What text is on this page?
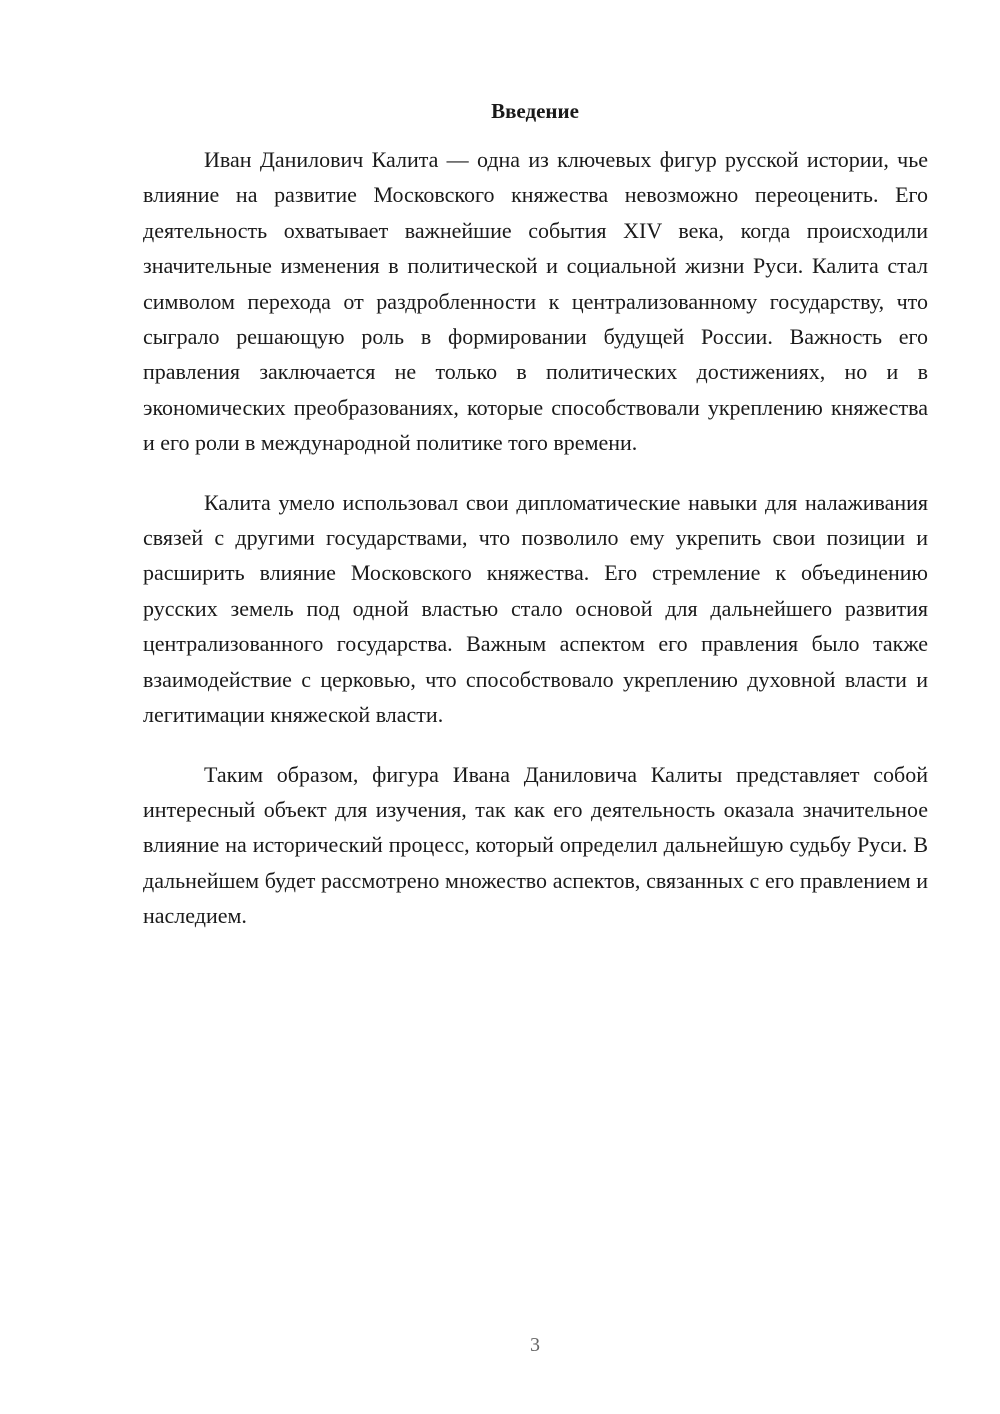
Введение

Иван Данилович Калита — одна из ключевых фигур русской истории, чье влияние на развитие Московского княжества невозможно переоценить. Его деятельность охватывает важнейшие события XIV века, когда происходили значительные изменения в политической и социальной жизни Руси. Калита стал символом перехода от раздробленности к централизованному государству, что сыграло решающую роль в формировании будущей России. Важность его правления заключается не только в политических достижениях, но и в экономических преобразованиях, которые способствовали укреплению княжества и его роли в международной политике того времени.

Калита умело использовал свои дипломатические навыки для налаживания связей с другими государствами, что позволило ему укрепить свои позиции и расширить влияние Московского княжества. Его стремление к объединению русских земель под одной властью стало основой для дальнейшего развития централизованного государства. Важным аспектом его правления было также взаимодействие с церковью, что способствовало укреплению духовной власти и легитимации княжеской власти.

Таким образом, фигура Ивана Даниловича Калиты представляет собой интересный объект для изучения, так как его деятельность оказала значительное влияние на исторический процесс, который определил дальнейшую судьбу Руси. В дальнейшем будет рассмотрено множество аспектов, связанных с его правлением и наследием.

3
